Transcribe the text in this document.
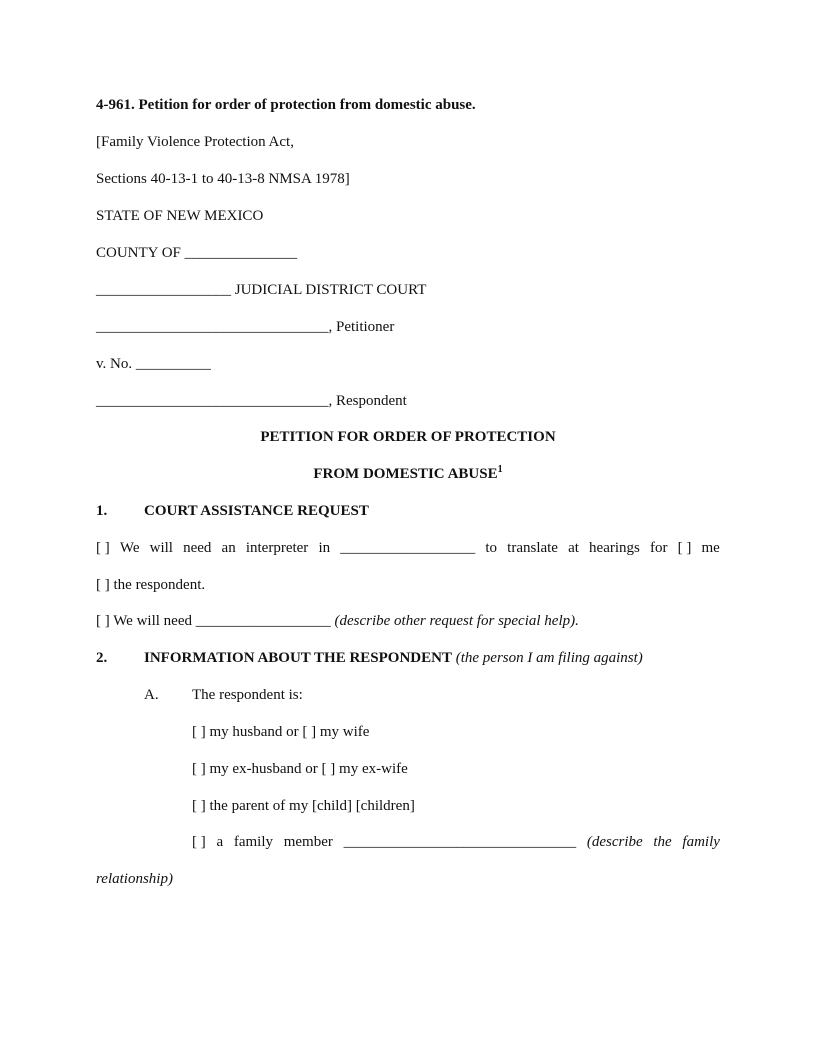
4-961. Petition for order of protection from domestic abuse.
[Family Violence Protection Act,
Sections 40-13-1 to 40-13-8 NMSA 1978]
STATE OF NEW MEXICO
COUNTY OF _______________
__________________ JUDICIAL DISTRICT COURT
_______________________________, Petitioner
v. No. __________
_______________________________, Respondent
PETITION FOR ORDER OF PROTECTION
FROM DOMESTIC ABUSE$^1$
1. COURT ASSISTANCE REQUEST
[ ] We will need an interpreter in __________________ to translate at hearings for [ ] me
[ ] the respondent.
[ ] We will need __________________ (describe other request for special help).
2. INFORMATION ABOUT THE RESPONDENT (the person I am filing against)
A. The respondent is:
[ ] my husband or [ ] my wife
[ ] my ex-husband or [ ] my ex-wife
[ ] the parent of my [child] [children]
[ ] a family member _______________________________ (describe the family
relationship)
